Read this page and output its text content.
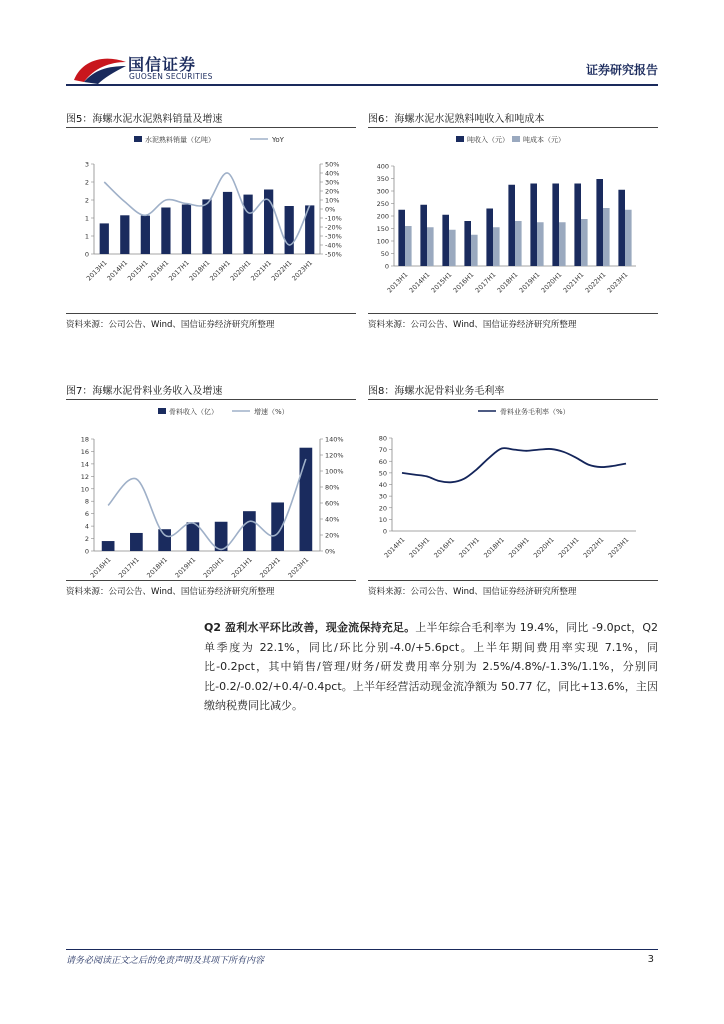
国信证券
GUOSEN SECURITIES	证券研究报告
图5：海螺水泥水泥熟料销量及增速
0
1
1
2
2
3
-50%
-40%
-30%
-20%
-10%
0%
10%
20%
30%
40%
50%
2013H1
2014H1
2015H1
2016H1
2017H1
2018H1
2019H1
2020H1
2021H1
2022H1
2023H1
水泥熟料销量（亿吨）	YoY
资料来源：公司公告、Wind、国信证券经济研究所整理
图6：海螺水泥水泥熟料吨收入和吨成本
0
50
100
150
200
250
300
350
400
2013H1
2014H1
2015H1
2016H1
2017H1
2018H1
2019H1
2020H1
2021H1
2022H1
2023H1
吨收入（元） 吨成本（元）
资料来源：公司公告、Wind、国信证券经济研究所整理
图7：海螺水泥骨料业务收入及增速
0
2
4
6
8
10
12
14
16
18
0%
20%
40%
60%
80%
100%
120%
140%
2016H1 2017H1 2018H1 2019H1 2020H1 2021H1 2022H1 2023H1
骨料收入（亿）	增速（%）
资料来源：公司公告、Wind、国信证券经济研究所整理
图8：海螺水泥骨料业务毛利率
0
10
20
30
40
50
60
70
80
2014H1 2015H1 2016H1 2017H1 2018H1 2019H1 2020H1 2021H1 2022H1 2023H1
骨料业务毛利率（%）
资料来源：公司公告、Wind、国信证券经济研究所整理
Q2 盈利水平环比改善，现金流保持充足。上半年综合毛利率为 19.4%，同比 -9.0pct，Q2 单季度为 22.1%，同比/环比分别-4.0/+5.6pct。上半年期间费用率实现 7.1%，同比-0.2pct，其中销售/管理/财务/研发费用率分别为 2.5%/4.8%/-1.3%/1.1%，分别同比-0.2/-0.02/+0.4/-0.4pct。上半年经营活动现金流净额为 50.77 亿，同比+13.6%，主因缴纳税费同比减少。
请务必阅读正文之后的免责声明及其项下所有内容	3
